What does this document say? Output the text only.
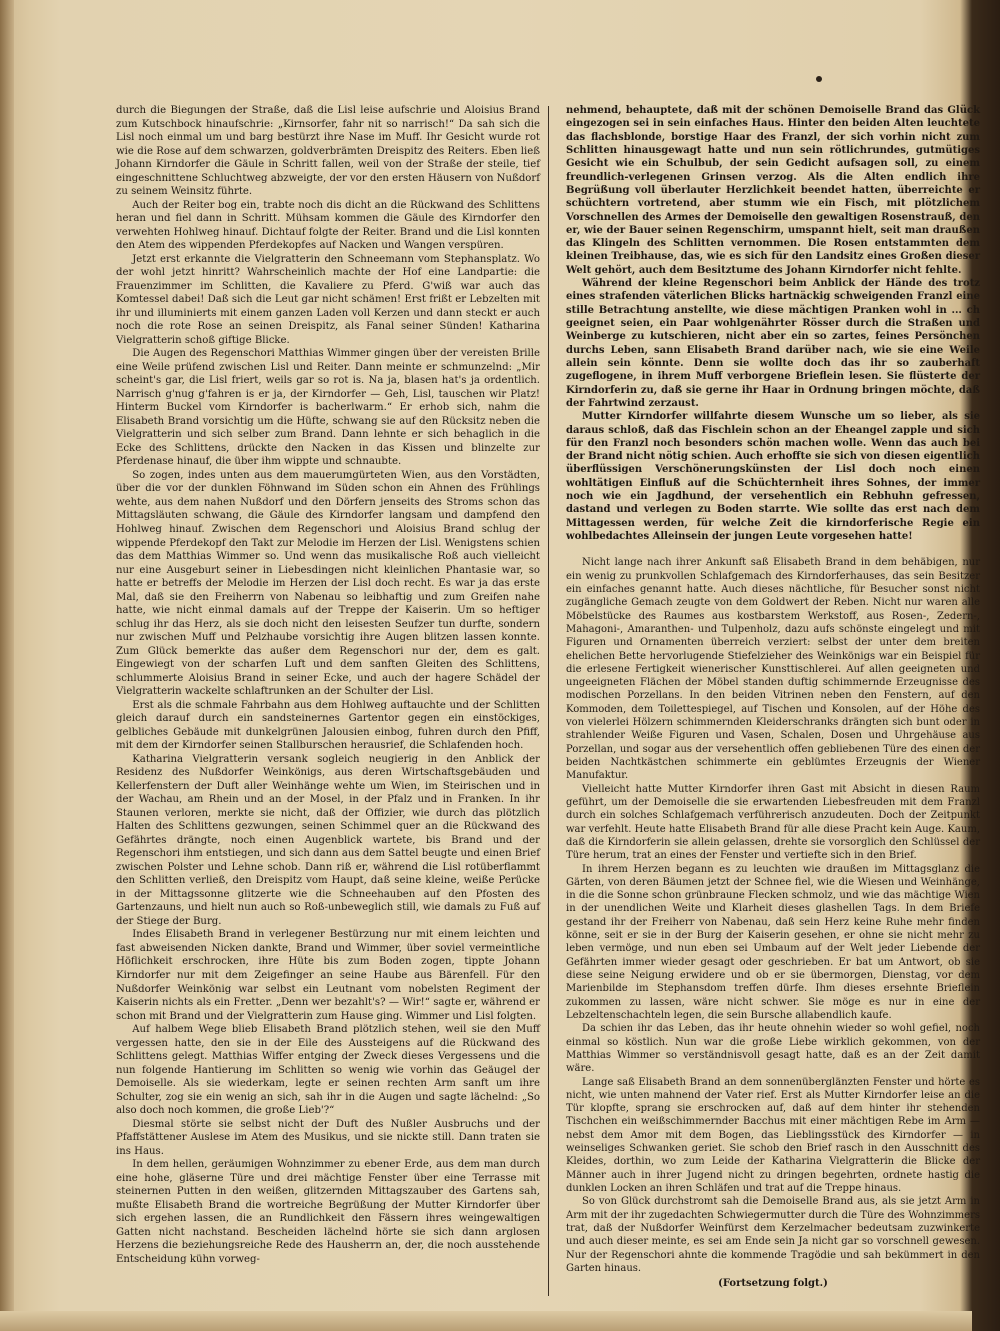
durch die Biegungen der Straße, daß die Lisl leise aufschrie und Aloisius Brand zum Kutschbock hinaufschrie: „Kirnsorfer, fahr nit so narrisch!“ Da sah sich die Lisl noch einmal um und barg bestürzt ihre Nase im Muff. Ihr Gesicht wurde rot wie die Rose auf dem schwarzen, goldverbrämten Dreispitz des Reiters. Eben ließ Johann Kirndorfer die Gäule in Schritt fallen, weil von der Straße der steile, tief eingeschnittene Schluchtweg abzweigte, der vor den ersten Häusern von Nußdorf zu seinem Weinsitz führte.

Auch der Reiter bog ein, trabte noch dis dicht an die Rückwand des Schlittens heran und fiel dann in Schritt. Mühsam kommen die Gäule des Kirndorfer den verwehten Hohlweg hinauf. Dichtauf folgte der Reiter. Brand und die Lisl konnten den Atem des wippenden Pferdekopfes auf Nacken und Wangen verspüren.

Jetzt erst erkannte die Vielgratterin den Schneemann vom Stephansplatz. Wo der wohl jetzt hinritt? Wahrscheinlich machte der Hof eine Landpartie: die Frauenzimmer im Schlitten, die Kavaliere zu Pferd. G'wiß war auch das Komtessel dabei! Daß sich die Leut gar nicht schämen! Erst frißt er Lebzelten mit ihr und illuminierts mit einem ganzen Laden voll Kerzen und dann steckt er auch noch die rote Rose an seinen Dreispitz, als Fanal seiner Sünden! Katharina Vielgratterin schoß giftige Blicke.

Die Augen des Regenschori Matthias Wimmer gingen über der vereisten Brille eine Weile prüfend zwischen Lisl und Reiter. Dann meinte er schmunzelnd: „Mir scheint's gar, die Lisl friert, weils gar so rot is. Na ja, blasen hat's ja ordentlich. Narrisch g'nug g'fahren is er ja, der Kirndorfer — Geh, Lisl, tauschen wir Platz! Hinterm Buckel vom Kirndorfer is bacherlwarm.“ Er erhob sich, nahm die Elisabeth Brand vorsichtig um die Hüfte, schwang sie auf den Rücksitz neben die Vielgratterin und sich selber zum Brand. Dann lehnte er sich behaglich in die Ecke des Schlittens, drückte den Nacken in das Kissen und blinzelte zur Pferdenase hinauf, die über ihm wippte und schnaubte.

So zogen, indes unten aus dem mauerumgürteten Wien, aus den Vorstädten, über die vor der dunklen Föhnwand im Süden schon ein Ahnen des Frühlings wehte, aus dem nahen Nußdorf und den Dörfern jenseits des Stroms schon das Mittagsläuten schwang, die Gäule des Kirndorfer langsam und dampfend den Hohlweg hinauf. Zwischen dem Regenschori und Aloisius Brand schlug der wippende Pferdekopf den Takt zur Melodie im Herzen der Lisl. Wenigstens schien das dem Matthias Wimmer so. Und wenn das musikalische Roß auch vielleicht nur eine Ausgeburt seiner in Liebesdingen nicht kleinlichen Phantasie war, so hatte er betreffs der Melodie im Herzen der Lisl doch recht. Es war ja das erste Mal, daß sie den Freiherrn von Nabenau so leibhaftig und zum Greifen nahe hatte, wie nicht einmal damals auf der Treppe der Kaiserin. Um so heftiger schlug ihr das Herz, als sie doch nicht den leisesten Seufzer tun durfte, sondern nur zwischen Muff und Pelzhaube vorsichtig ihre Augen blitzen lassen konnte. Zum Glück bemerkte das außer dem Regenschori nur der, dem es galt. Eingewiegt von der scharfen Luft und dem sanften Gleiten des Schlittens, schlummerte Aloisius Brand in seiner Ecke, und auch der hagere Schädel der Vielgratterin wackelte schlaftrunken an der Schulter der Lisl.

Erst als die schmale Fahrbahn aus dem Hohlweg auftauchte und der Schlitten gleich darauf durch ein sandsteinernes Gartentor gegen ein einstöckiges, gelbliches Gebäude mit dunkelgrünen Jalousien einbog, fuhren durch den Pfiff, mit dem der Kirndorfer seinen Stallburschen herausrief, die Schlafenden hoch.

Katharina Vielgratterin versank sogleich neugierig in den Anblick der Residenz des Nußdorfer Weinkönigs, aus deren Wirtschaftsgebäuden und Kellerfenstern der Duft aller Weinhänge wehte um Wien, im Steirischen und in der Wachau, am Rhein und an der Mosel, in der Pfalz und in Franken. In ihr Staunen verloren, merkte sie nicht, daß der Offizier, wie durch das plötzlich Halten des Schlittens gezwungen, seinen Schimmel quer an die Rückwand des Gefährtes drängte, noch einen Augenblick wartete, bis Brand und der Regenschori ihm entstiegen, und sich dann aus dem Sattel beugte und einen Brief zwischen Polster und Lehne schob. Dann riß er, während die Lisl rotüberflammt den Schlitten verließ, den Dreispitz vom Haupt, daß seine kleine, weiße Perücke in der Mittagssonne glitzerte wie die Schneehauben auf den Pfosten des Gartenzauns, und hielt nun auch so Roß-unbeweglich still, wie damals zu Fuß auf der Stiege der Burg.

Indes Elisabeth Brand in verlegener Bestürzung nur mit einem leichten und fast abweisenden Nicken dankte, Brand und Wimmer, über soviel vermeintliche Höflichkeit erschrocken, ihre Hüte bis zum Boden zogen, tippte Johann Kirndorfer nur mit dem Zeigefinger an seine Haube aus Bärenfell. Für den Nußdorfer Weinkönig war selbst ein Leutnant vom nobelsten Regiment der Kaiserin nichts als ein Fretter. „Denn wer bezahlt's? — Wir!“ sagte er, während er schon mit Brand und der Vielgratterin zum Hause ging. Wimmer und Lisl folgten.

Auf halbem Wege blieb Elisabeth Brand plötzlich stehen, weil sie den Muff vergessen hatte, den sie in der Eile des Aussteigens auf die Rückwand des Schlittens gelegt. Matthias Wiffer entging der Zweck dieses Vergessens und die nun folgende Hantierung im Schlitten so wenig wie vorhin das Geäugel der Demoiselle. Als sie wiederkam, legte er seinen rechten Arm sanft um ihre Schulter, zog sie ein wenig an sich, sah ihr in die Augen und sagte lächelnd: „So also doch noch kommen, die große Lieb'?“

Diesmal störte sie selbst nicht der Duft des Nußler Ausbruchs und der Pfaffstättener Auslese im Atem des Musikus, und sie nickte still. Dann traten sie ins Haus.

In dem hellen, geräumigen Wohnzimmer zu ebener Erde, aus dem man durch eine hohe, gläserne Türe und drei mächtige Fenster über eine Terrasse mit steinernen Putten in den weißen, glitzernden Mittagszauber des Gartens sah, mußte Elisabeth Brand die wortreiche Begrüßung der Mutter Kirndorfer über sich ergehen lassen, die an Rundlichkeit den Fässern ihres weingewaltigen Gatten nicht nachstand. Bescheiden lächelnd hörte sie sich dann arglosen Herzens die beziehungsreiche Rede des Hausherrn an, der, die noch ausstehende Entscheidung kühn vorweg-

nehmend, behauptete, daß mit der schönen Demoiselle Brand das Glück eingezogen sei in sein einfaches Haus. Hinter den beiden Alten leuchtete das flachsblonde, borstige Haar des Franzl, der sich vorhin nicht zum Schlitten hinausgewagt hatte und nun sein rötlichrundes, gutmütiges Gesicht wie ein Schulbub, der sein Gedicht aufsagen soll, zu einem freundlich-verlegenen Grinsen verzog. Als die Alten endlich ihre Begrüßung voll überlauter Herzlichkeit beendet hatten, überreichte er schüchtern vortretend, aber stumm wie ein Fisch, mit plötzlichem Vorschnellen des Armes der Demoiselle den gewaltigen Rosenstrauß, den er, wie der Bauer seinen Regenschirm, umspannt hielt, seit man draußen das Klingeln des Schlitten vernommen. Die Rosen entstammten dem kleinen Treibhause, das, wie es sich für den Landsitz eines Großen dieser Welt gehört, auch dem Besitztume des Johann Kirndorfer nicht fehlte.

Während der kleine Regenschori beim Anblick der Hände des trotz eines strafenden väterlichen Blicks hartnäckig schweigenden Franzl eine stille Betrachtung anstellte, wie diese mächtigen Pranken wohl in ... ch geeignet seien, ein Paar wohlgenährter Rösser durch die Straßen und Weinberge zu kutschieren, nicht aber ein so zartes, feines Persönchen durchs Leben, sann Elisabeth Brand darüber nach, wie sie eine Weile allein sein könnte. Denn sie wollte doch das ihr so zauberhaft zugeflogene, in ihrem Muff verborgene Brieflein lesen. Sie flüsterte der Kirndorferin zu, daß sie gerne ihr Haar in Ordnung bringen möchte, daß der Fahrtwind zerzaust.

Mutter Kirndorfer willfahrte diesem Wunsche um so lieber, als sie daraus schloß, daß das Fischlein schon an der Eheangel zapple und sich für den Franzl noch besonders schön machen wolle. Wenn das auch bei der Brand nicht nötig schien. Auch erhoffte sie sich von diesen eigentlich überflüssigen Verschönerungskünsten der Lisl doch noch einen wohltätigen Einfluß auf die Schüchternheit ihres Sohnes, der immer noch wie ein Jagdhund, der versehentlich ein Rebhuhn gefressen, dastand und verlegen zu Boden starrte. Wie sollte das erst nach dem Mittagessen werden, für welche Zeit die kirndorferische Regie ein wohlbedachtes Alleinsein der jungen Leute vorgesehen hatte!

Nicht lange nach ihrer Ankunft saß Elisabeth Brand in dem behäbigen, nur ein wenig zu prunkvollen Schlafgemach des Kirndorferhauses, das sein Besitzer ein einfaches genannt hatte. Auch dieses nächtliche, für Besucher sonst nicht zugängliche Gemach zeugte von dem Goldwert der Reben. Nicht nur waren alle Möbelstücke des Raumes aus kostbarstem Werkstoff, aus Rosen-, Zedern-, Mahagoni-, Amaranthen- und Tulpenholz, dazu aufs schönste eingelegt und mit Figuren und Ornamenten überreich verziert: selbst der unter dem breiten ehelichen Bette hervorlugende Stiefelzieher des Weinkönigs war ein Beispiel für die erlesene Fertigkeit wienerischer Kunsttischlerei. Auf allen geeigneten und ungeeigneten Flächen der Möbel standen duftig schimmernde Erzeugnisse des modischen Porzellans. In den beiden Vitrinen neben den Fenstern, auf den Kommoden, dem Toilettespiegel, auf Tischen und Konsolen, auf der Höhe des von vielerlei Hölzern schimmernden Kleiderschranks drängten sich bunt oder in strahlender Weiße Figuren und Vasen, Schalen, Dosen und Uhrgehäuse aus Porzellan, und sogar aus der versehentlich offen gebliebenen Türe des einen der beiden Nachtkästchen schimmerte ein geblümtes Erzeugnis der Wiener Manufaktur.

Vielleicht hatte Mutter Kirndorfer ihren Gast mit Absicht in diesen Raum geführt, um der Demoiselle die sie erwartenden Liebesfreuden mit dem Franzl durch ein solches Schlafgemach verführerisch anzudeuten. Doch der Zeitpunkt war verfehlt. Heute hatte Elisabeth Brand für alle diese Pracht kein Auge. Kaum, daß die Kirndorferin sie allein gelassen, drehte sie vorsorglich den Schlüssel der Türe herum, trat an eines der Fenster und vertiefte sich in den Brief.

In ihrem Herzen begann es zu leuchten wie draußen im Mittagsglanz die Gärten, von deren Bäumen jetzt der Schnee fiel, wie die Wiesen und Weinhänge, in die die Sonne schon grünbraune Flecken schmolz, und wie das mächtige Wien in der unendlichen Weite und Klarheit dieses glashellen Tags. In dem Briefe gestand ihr der Freiherr von Nabenau, daß sein Herz keine Ruhe mehr finden könne, seit er sie in der Burg der Kaiserin gesehen, er ohne sie nicht mehr zu leben vermöge, und nun eben sei Umbaum auf der Welt jeder Liebende der Gefährten immer wieder gesagt oder geschrieben. Er bat um Antwort, ob sie diese seine Neigung erwidere und ob er sie übermorgen, Dienstag, vor dem Marienbilde im Stephansdom treffen dürfe. Ihm dieses ersehnte Brieflein zukommen zu lassen, wäre nicht schwer. Sie möge es nur in eine der Lebzeltenschachteln legen, die sein Bursche allabendlich kaufe.

Da schien ihr das Leben, das ihr heute ohnehin wieder so wohl gefiel, noch einmal so köstlich. Nun war die große Liebe wirklich gekommen, von der Matthias Wimmer so verständnisvoll gesagt hatte, daß es an der Zeit damit wäre.

Lange saß Elisabeth Brand an dem sonnenüberglänzten Fenster und hörte es nicht, wie unten mahnend der Vater rief. Erst als Mutter Kirndorfer leise an die Tür klopfte, sprang sie erschrocken auf, daß auf dem hinter ihr stehenden Tischchen ein weißschimmernder Bacchus mit einer mächtigen Rebe im Arm — nebst dem Amor mit dem Bogen, das Lieblingsstück des Kirndorfer — in weinseliges Schwanken geriet. Sie schob den Brief rasch in den Ausschnitt des Kleides, dorthin, wo zum Leide der Katharina Vielgratterin die Blicke der Männer auch in ihrer Jugend nicht zu dringen begehrten, ordnete hastig die dunklen Locken an ihren Schläfen und trat auf die Treppe hinaus.

So von Glück durchstromt sah die Demoiselle Brand aus, als sie jetzt Arm in Arm mit der ihr zugedachten Schwiegermutter durch die Türe des Wohnzimmers trat, daß der Nußdorfer Weinfürst dem Kerzelmacher bedeutsam zuzwinkerte und auch dieser meinte, es sei am Ende sein Ja nicht gar so vorschnell gewesen. Nur der Regenschori ahnte die kommende Tragödie und sah bekümmert in den Garten hinaus.

(Fortsetzung folgt.)
